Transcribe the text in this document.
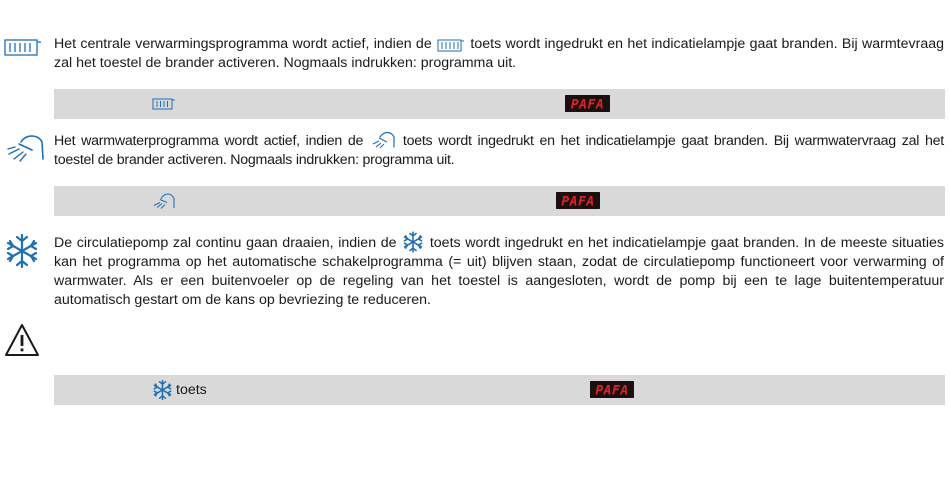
Het centrale verwarmingsprogramma wordt actief, indien de	toets wordt ingedrukt en het indicatielampje gaat branden. Bij warmtevraag zal het toestel de brander activeren. Nogmaals indrukken: programma uit.

PAFA

Het warmwaterprogramma wordt actief, indien de	toets wordt ingedrukt en het indicatielampje gaat branden. Bij warmwatervraag zal het toestel de brander activeren. Nogmaals indrukken: programma uit.

PAFA

De circulatiepomp zal continu gaan draaien, indien de toets wordt ingedrukt en het indicatielampje gaat branden. In de meeste situaties kan het programma op het automatische schakelprogramma (= uit) blijven staan, zodat de circulatiepomp functioneert voor verwarming of warmwater. Als er een buitenvoeler op de regeling van het toestel is aangesloten, wordt de pomp bij een te lage buitentemperatuur automatisch gestart om de kans op bevriezing te reduceren.

toets	PAFA
